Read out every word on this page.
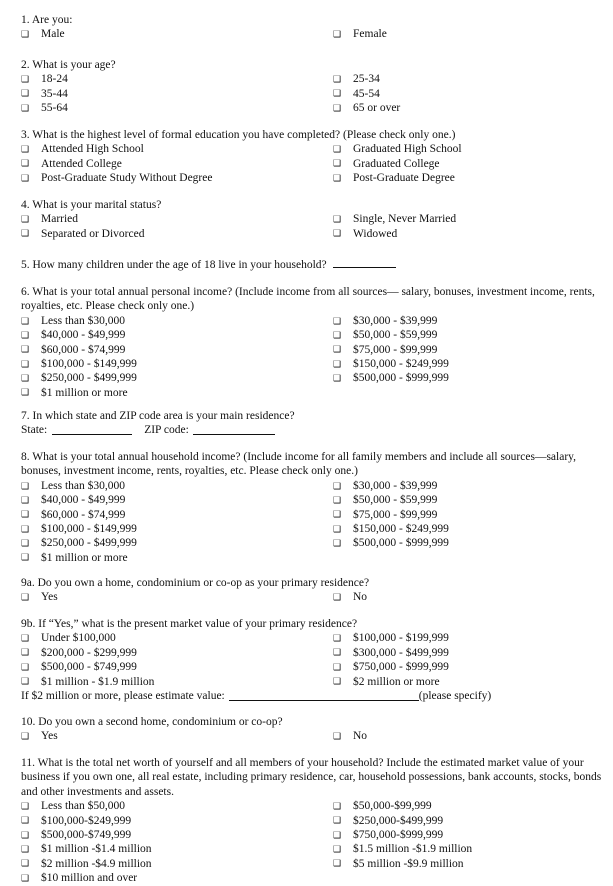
1. Are you:
❑ Male	❑ Female
2. What is your age?
❑ 18-24	❑ 25-34
❑ 35-44	❑ 45-54
❑ 55-64	❑ 65 or over
3. What is the highest level of formal education you have completed? (Please check only one.)
❑ Attended High School	❑ Graduated High School
❑ Attended College	❑ Graduated College
❑ Post-Graduate Study Without Degree	❑ Post-Graduate Degree
4. What is your marital status?
❑ Married	❑ Single, Never Married
❑ Separated or Divorced	❑ Widowed
5. How many children under the age of 18 live in your household?
6. What is your total annual personal income? (Include income from all sources— salary, bonuses, investment income, rents, royalties, etc. Please check only one.)
❑ Less than $30,000	❑ $30,000 - $39,999
❑ $40,000 - $49,999	❑ $50,000 - $59,999
❑ $60,000 - $74,999	❑ $75,000 - $99,999
❑ $100,000 - $149,999	❑ $150,000 - $249,999
❑ $250,000 - $499,999	❑ $500,000 - $999,999
❑ $1 million or more
7. In which state and ZIP code area is your main residence?
State:	ZIP code:
8. What is your total annual household income? (Include income for all family members and include all sources—salary, bonuses, investment income, rents, royalties, etc. Please check only one.)
❑ Less than $30,000	❑ $30,000 - $39,999
❑ $40,000 - $49,999	❑ $50,000 - $59,999
❑ $60,000 - $74,999	❑ $75,000 - $99,999
❑ $100,000 - $149,999	❑ $150,000 - $249,999
❑ $250,000 - $499,999	❑ $500,000 - $999,999
❑ $1 million or more
9a. Do you own a home, condominium or co-op as your primary residence?
❑ Yes	❑ No
9b. If “Yes,” what is the present market value of your primary residence?
❑ Under $100,000	❑ $100,000 - $199,999
❑ $200,000 - $299,999	❑ $300,000 - $499,999
❑ $500,000 - $749,999	❑ $750,000 - $999,999
❑ $1 million - $1.9 million	❑ $2 million or more
If $2 million or more, please estimate value:	(please specify)
10. Do you own a second home, condominium or co-op?
❑ Yes	❑ No
11. What is the total net worth of yourself and all members of your household? Include the estimated market value of your business if you own one, all real estate, including primary residence, car, household possessions, bank accounts, stocks, bonds and other investments and assets.
❑ Less than $50,000	❑ $50,000-$99,999
❑ $100,000-$249,999	❑ $250,000-$499,999
❑ $500,000-$749,999	❑ $750,000-$999,999
❑ $1 million -$1.4 million	❑ $1.5 million -$1.9 million
❑ $2 million -$4.9 million	❑ $5 million -$9.9 million
❑ $10 million and over
